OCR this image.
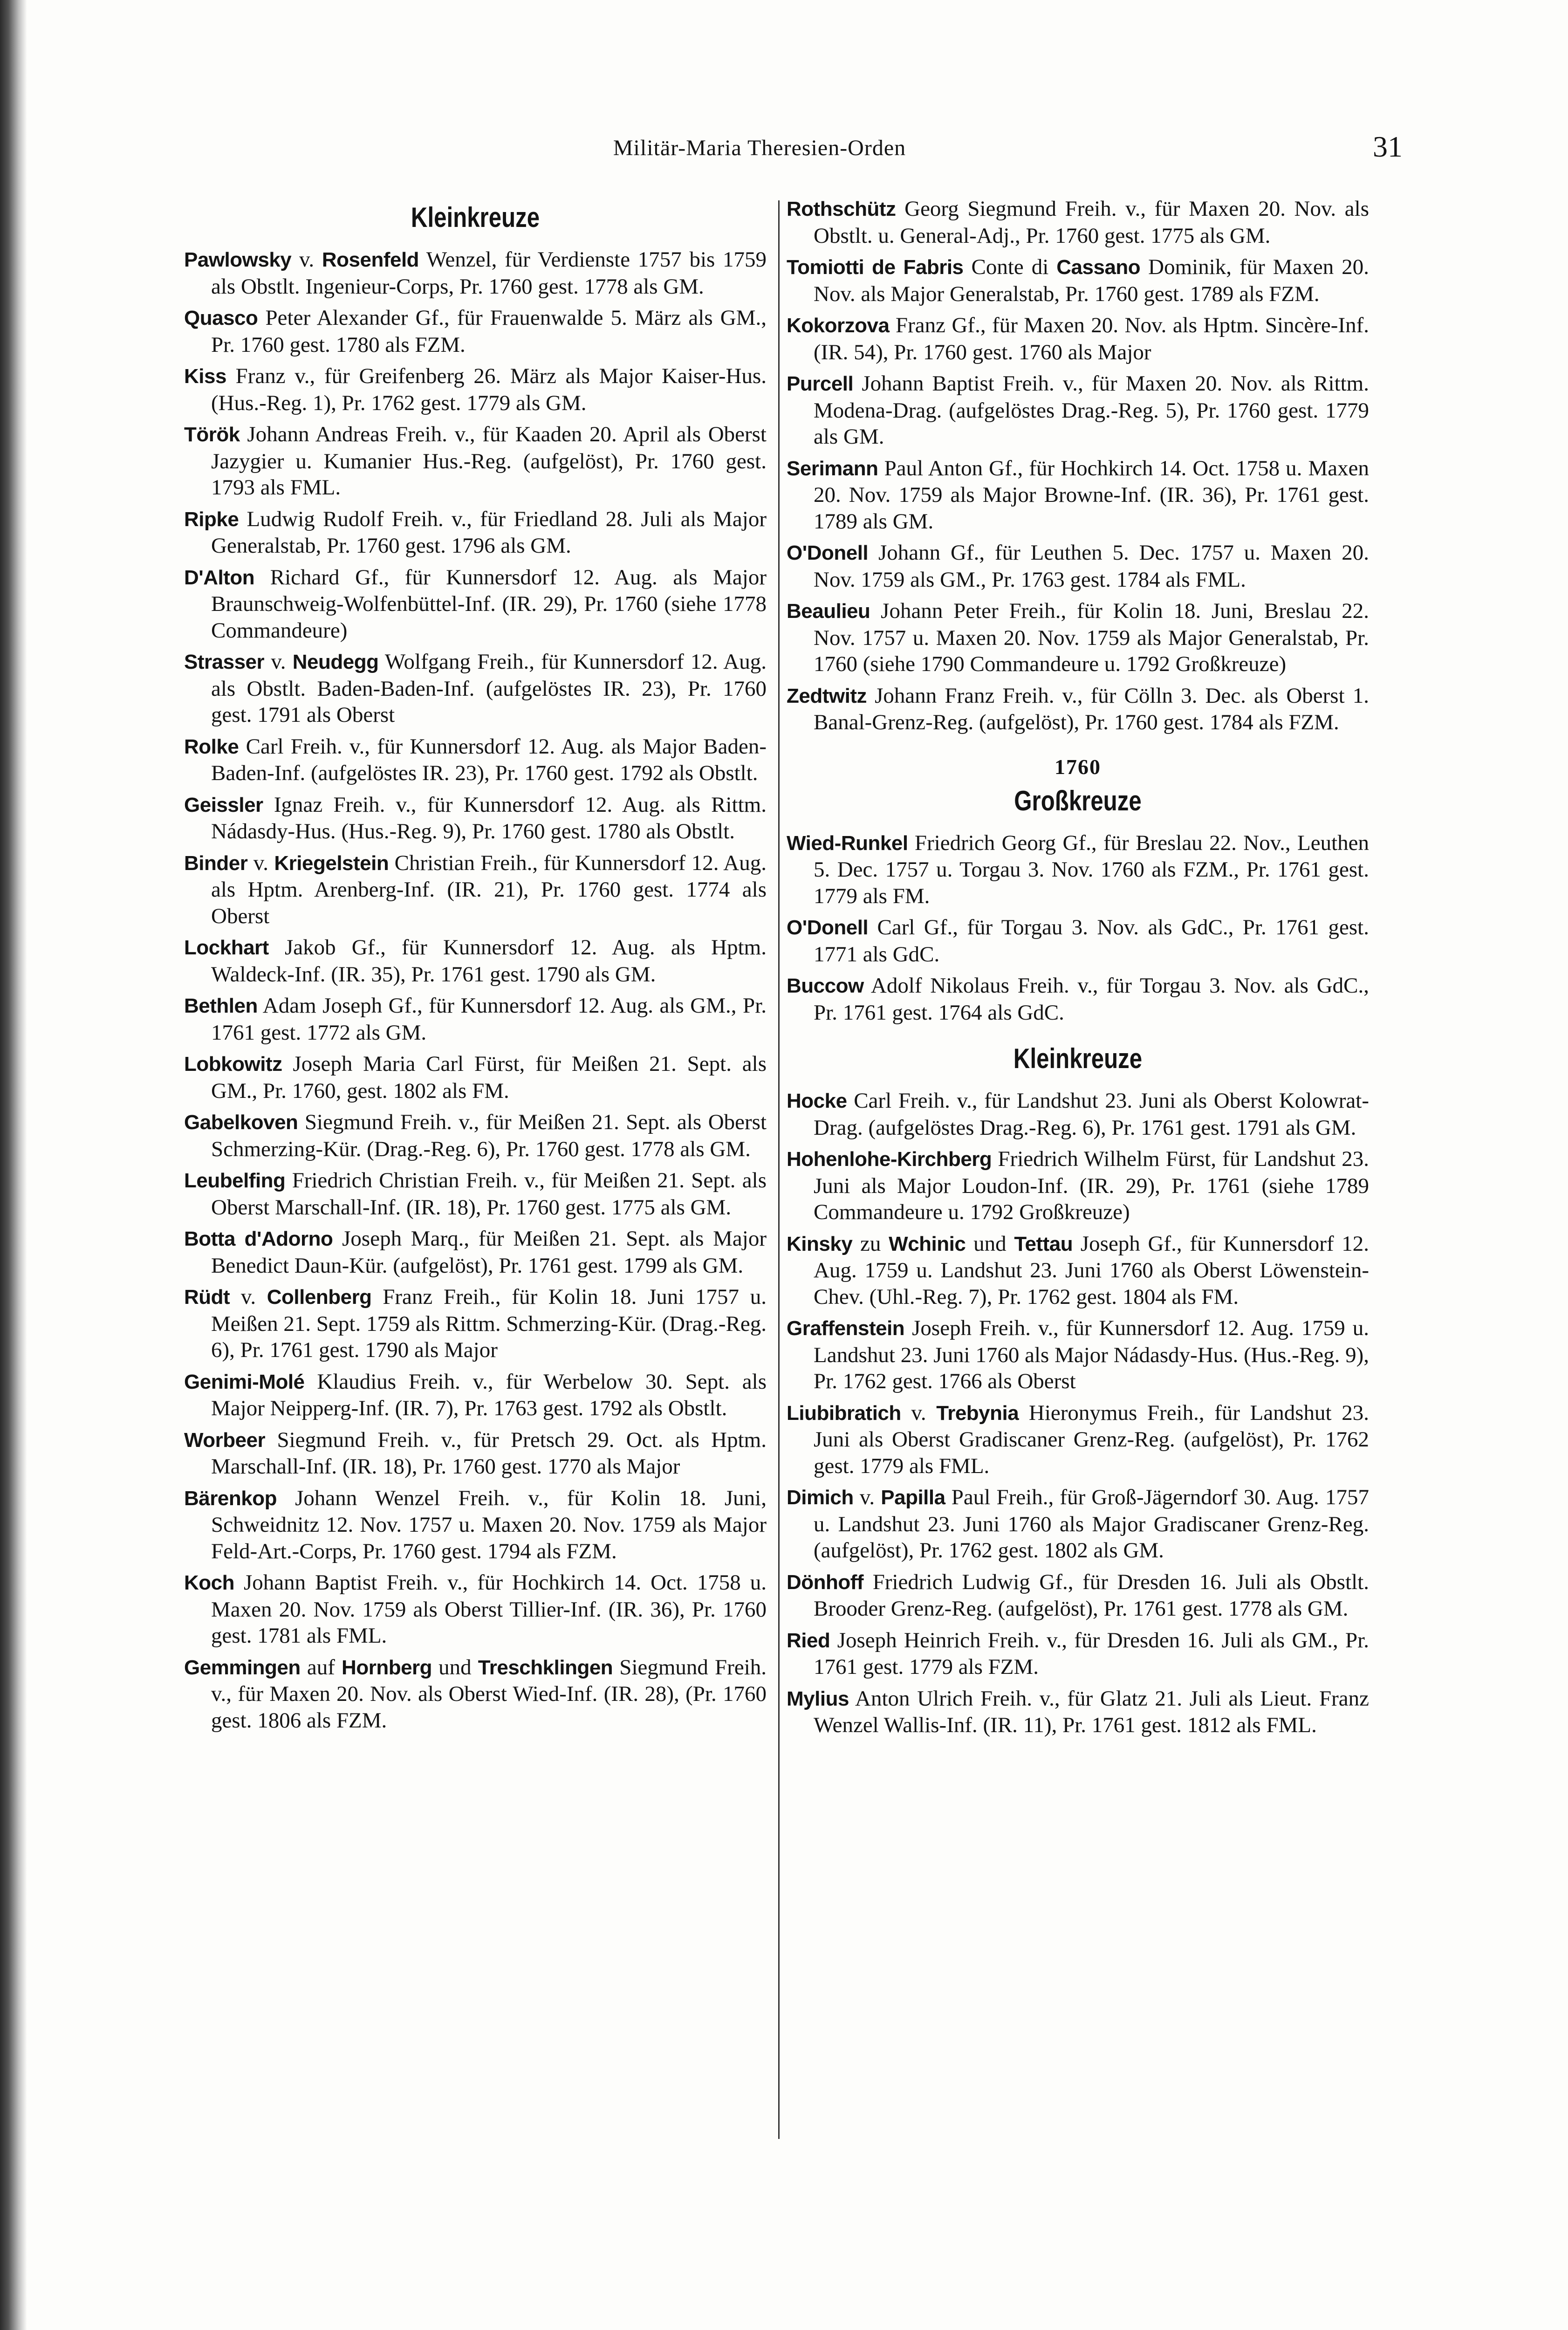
Militär-Maria Theresien-Orden	31
Kleinkreuze

Pawlowsky v. Rosenfeld Wenzel, für Verdienste 1757 bis 1759 als Obstlt. Ingenieur-Corps, Pr. 1760 gest. 1778 als GM.

Quasco Peter Alexander Gf., für Frauenwalde 5. März als GM., Pr. 1760 gest. 1780 als FZM.

Kiss Franz v., für Greifenberg 26. März als Major Kaiser-Hus. (Hus.-Reg. 1), Pr. 1762 gest. 1779 als GM.

Török Johann Andreas Freih. v., für Kaaden 20. April als Oberst Jazygier u. Kumanier Hus.-Reg. (aufgelöst), Pr. 1760 gest. 1793 als FML.

Ripke Ludwig Rudolf Freih. v., für Friedland 28. Juli als Major Generalstab, Pr. 1760 gest. 1796 als GM.

D'Alton Richard Gf., für Kunnersdorf 12. Aug. als Major Braunschweig-Wolfenbüttel-Inf. (IR. 29), Pr. 1760 (siehe 1778 Commandeure)

Strasser v. Neudegg Wolfgang Freih., für Kunnersdorf 12. Aug. als Obstlt. Baden-Baden-Inf. (aufgelöstes IR. 23), Pr. 1760 gest. 1791 als Oberst

Rolke Carl Freih. v., für Kunnersdorf 12. Aug. als Major Baden-Baden-Inf. (aufgelöstes IR. 23), Pr. 1760 gest. 1792 als Obstlt.

Geissler Ignaz Freih. v., für Kunnersdorf 12. Aug. als Rittm. Nádasdy-Hus. (Hus.-Reg. 9), Pr. 1760 gest. 1780 als Obstlt.

Binder v. Kriegelstein Christian Freih., für Kunnersdorf 12. Aug. als Hptm. Arenberg-Inf. (IR. 21), Pr. 1760 gest. 1774 als Oberst

Lockhart Jakob Gf., für Kunnersdorf 12. Aug. als Hptm. Waldeck-Inf. (IR. 35), Pr. 1761 gest. 1790 als GM.

Bethlen Adam Joseph Gf., für Kunnersdorf 12. Aug. als GM., Pr. 1761 gest. 1772 als GM.

Lobkowitz Joseph Maria Carl Fürst, für Meißen 21. Sept. als GM., Pr. 1760, gest. 1802 als FM.

Gabelkoven Siegmund Freih. v., für Meißen 21. Sept. als Oberst Schmerzing-Kür. (Drag.-Reg. 6), Pr. 1760 gest. 1778 als GM.

Leubelfing Friedrich Christian Freih. v., für Meißen 21. Sept. als Oberst Marschall-Inf. (IR. 18), Pr. 1760 gest. 1775 als GM.

Botta d'Adorno Joseph Marq., für Meißen 21. Sept. als Major Benedict Daun-Kür. (aufgelöst), Pr. 1761 gest. 1799 als GM.

Rüdt v. Collenberg Franz Freih., für Kolin 18. Juni 1757 u. Meißen 21. Sept. 1759 als Rittm. Schmerzing-Kür. (Drag.-Reg. 6), Pr. 1761 gest. 1790 als Major

Genimi-Molé Klaudius Freih. v., für Werbelow 30. Sept. als Major Neipperg-Inf. (IR. 7), Pr. 1763 gest. 1792 als Obstlt.

Worbeer Siegmund Freih. v., für Pretsch 29. Oct. als Hptm. Marschall-Inf. (IR. 18), Pr. 1760 gest. 1770 als Major

Bärenkop Johann Wenzel Freih. v., für Kolin 18. Juni, Schweidnitz 12. Nov. 1757 u. Maxen 20. Nov. 1759 als Major Feld-Art.-Corps, Pr. 1760 gest. 1794 als FZM.

Koch Johann Baptist Freih. v., für Hochkirch 14. Oct. 1758 u. Maxen 20. Nov. 1759 als Oberst Tillier-Inf. (IR. 36), Pr. 1760 gest. 1781 als FML.

Gemmingen auf Hornberg und Treschklingen Siegmund Freih. v., für Maxen 20. Nov. als Oberst Wied-Inf. (IR. 28), (Pr. 1760 gest. 1806 als FZM.

Rothschütz Georg Siegmund Freih. v., für Maxen 20. Nov. als Obstlt. u. General-Adj., Pr. 1760 gest. 1775 als GM.

Tomiotti de Fabris Conte di Cassano Dominik, für Maxen 20. Nov. als Major Generalstab, Pr. 1760 gest. 1789 als FZM.

Kokorzova Franz Gf., für Maxen 20. Nov. als Hptm. Sincère-Inf. (IR. 54), Pr. 1760 gest. 1760 als Major

Purcell Johann Baptist Freih. v., für Maxen 20. Nov. als Rittm. Modena-Drag. (aufgelöstes Drag.-Reg. 5), Pr. 1760 gest. 1779 als GM.

Serimann Paul Anton Gf., für Hochkirch 14. Oct. 1758 u. Maxen 20. Nov. 1759 als Major Browne-Inf. (IR. 36), Pr. 1761 gest. 1789 als GM.

O'Donell Johann Gf., für Leuthen 5. Dec. 1757 u. Maxen 20. Nov. 1759 als GM., Pr. 1763 gest. 1784 als FML.

Beaulieu Johann Peter Freih., für Kolin 18. Juni, Breslau 22. Nov. 1757 u. Maxen 20. Nov. 1759 als Major Generalstab, Pr. 1760 (siehe 1790 Commandeure u. 1792 Großkreuze)

Zedtwitz Johann Franz Freih. v., für Cölln 3. Dec. als Oberst 1. Banal-Grenz-Reg. (aufgelöst), Pr. 1760 gest. 1784 als FZM.

1760
Großkreuze

Wied-Runkel Friedrich Georg Gf., für Breslau 22. Nov., Leuthen 5. Dec. 1757 u. Torgau 3. Nov. 1760 als FZM., Pr. 1761 gest. 1779 als FM.

O'Donell Carl Gf., für Torgau 3. Nov. als GdC., Pr. 1761 gest. 1771 als GdC.

Buccow Adolf Nikolaus Freih. v., für Torgau 3. Nov. als GdC., Pr. 1761 gest. 1764 als GdC.

Kleinkreuze

Hocke Carl Freih. v., für Landshut 23. Juni als Oberst Kolowrat-Drag. (aufgelöstes Drag.-Reg. 6), Pr. 1761 gest. 1791 als GM.

Hohenlohe-Kirchberg Friedrich Wilhelm Fürst, für Landshut 23. Juni als Major Loudon-Inf. (IR. 29), Pr. 1761 (siehe 1789 Commandeure u. 1792 Großkreuze)

Kinsky zu Wchinic und Tettau Joseph Gf., für Kunnersdorf 12. Aug. 1759 u. Landshut 23. Juni 1760 als Oberst Löwenstein-Chev. (Uhl.-Reg. 7), Pr. 1762 gest. 1804 als FM.

Graffenstein Joseph Freih. v., für Kunnersdorf 12. Aug. 1759 u. Landshut 23. Juni 1760 als Major Nádasdy-Hus. (Hus.-Reg. 9), Pr. 1762 gest. 1766 als Oberst

Liubibratich v. Trebynia Hieronymus Freih., für Landshut 23. Juni als Oberst Gradiscaner Grenz-Reg. (aufgelöst), Pr. 1762 gest. 1779 als FML.

Dimich v. Papilla Paul Freih., für Groß-Jägerndorf 30. Aug. 1757 u. Landshut 23. Juni 1760 als Major Gradiscaner Grenz-Reg. (aufgelöst), Pr. 1762 gest. 1802 als GM.

Dönhoff Friedrich Ludwig Gf., für Dresden 16. Juli als Obstlt. Brooder Grenz-Reg. (aufgelöst), Pr. 1761 gest. 1778 als GM.

Ried Joseph Heinrich Freih. v., für Dresden 16. Juli als GM., Pr. 1761 gest. 1779 als FZM.

Mylius Anton Ulrich Freih. v., für Glatz 21. Juli als Lieut. Franz Wenzel Wallis-Inf. (IR. 11), Pr. 1761 gest. 1812 als FML.
